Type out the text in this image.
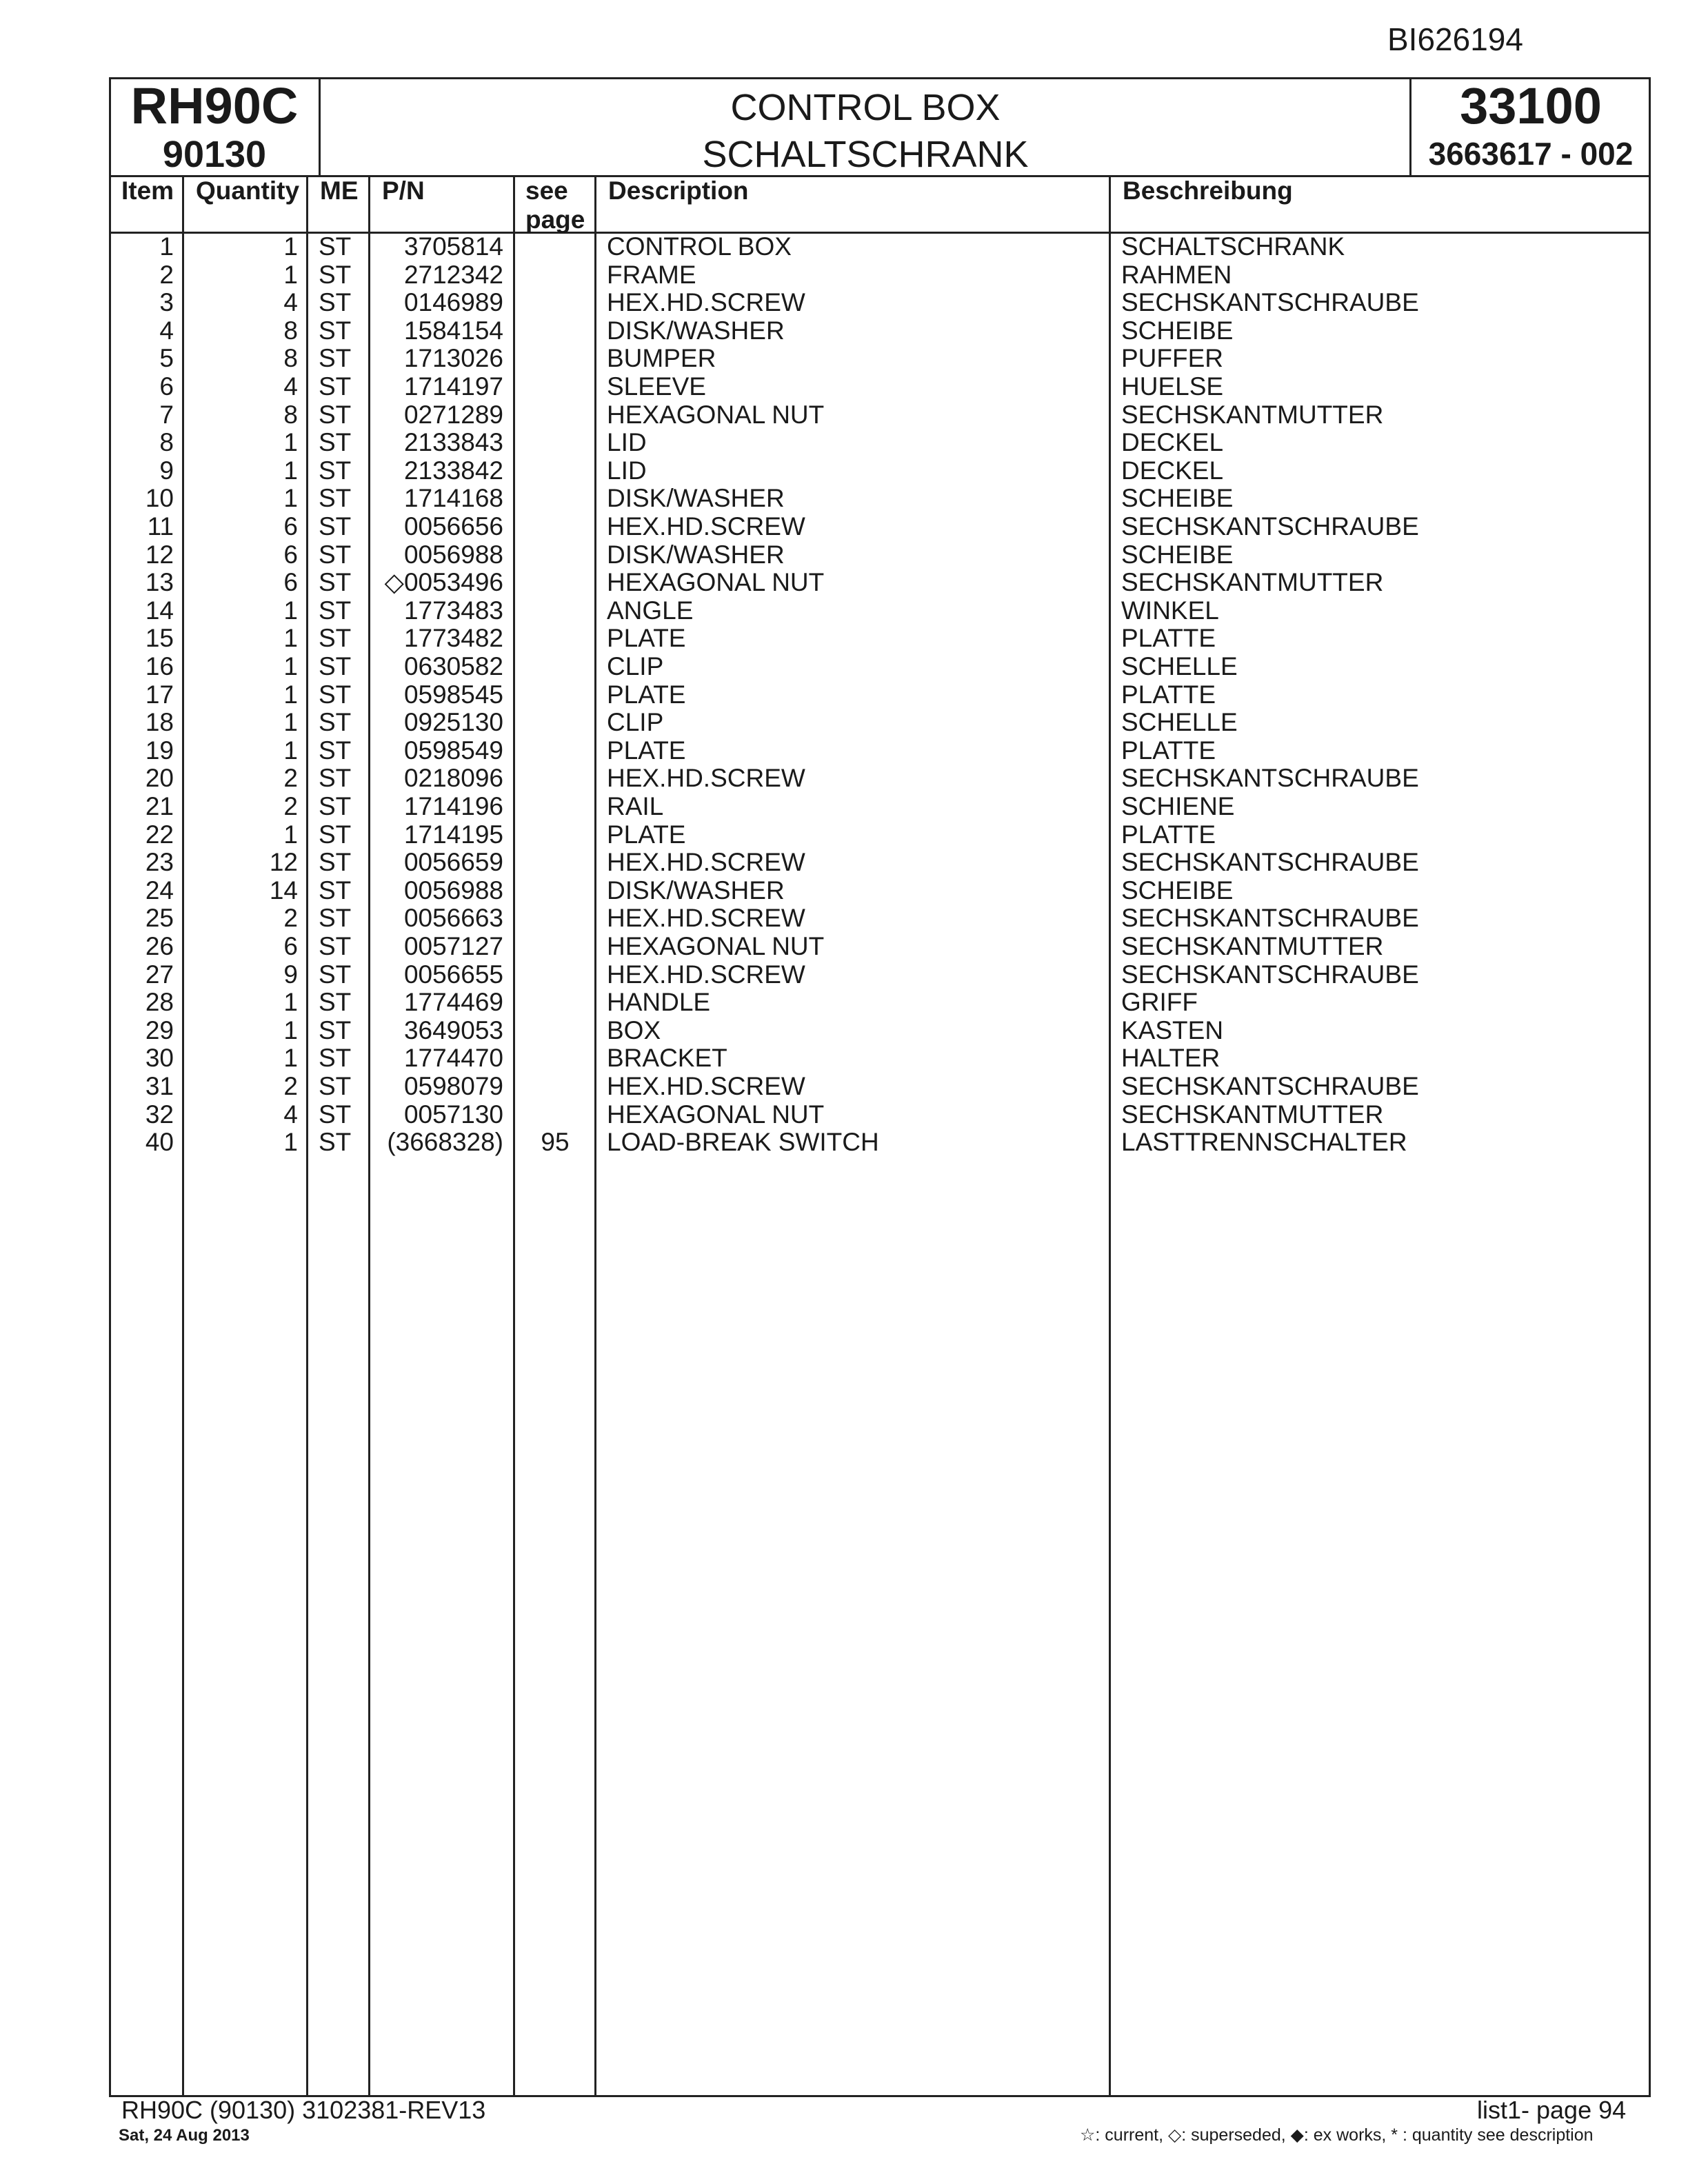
BI626194
RH90C
90130
CONTROL BOX
SCHALTSCHRANK
33100
3663617 - 002
Item Quantity ME P/N	see
page
Description	Beschreibung
1	1 ST	3705814	CONTROL BOX	SCHALTSCHRANK
2	1 ST	2712342	FRAME	RAHMEN
3	4 ST	0146989	HEX.HD.SCREW	SECHSKANTSCHRAUBE
4	8 ST	1584154	DISK/WASHER	SCHEIBE
5	8 ST	1713026	BUMPER	PUFFER
6	4 ST	1714197	SLEEVE	HUELSE
7	8 ST	0271289	HEXAGONAL NUT	SECHSKANTMUTTER
8	1 ST	2133843	LID	DECKEL
9	1 ST	2133842	LID	DECKEL
10	1 ST	1714168	DISK/WASHER	SCHEIBE
11	6 ST	0056656	HEX.HD.SCREW	SECHSKANTSCHRAUBE
12	6 ST	0056988	DISK/WASHER	SCHEIBE
13	6 ST	◇0053496	HEXAGONAL NUT	SECHSKANTMUTTER
14	1 ST	1773483	ANGLE	WINKEL
15	1 ST	1773482	PLATE	PLATTE
16	1 ST	0630582	CLIP	SCHELLE
17	1 ST	0598545	PLATE	PLATTE
18	1 ST	0925130	CLIP	SCHELLE
19	1 ST	0598549	PLATE	PLATTE
20	2 ST	0218096	HEX.HD.SCREW	SECHSKANTSCHRAUBE
21	2 ST	1714196	RAIL	SCHIENE
22	1 ST	1714195	PLATE	PLATTE
23	12 ST	0056659	HEX.HD.SCREW	SECHSKANTSCHRAUBE
24	14 ST	0056988	DISK/WASHER	SCHEIBE
25	2 ST	0056663	HEX.HD.SCREW	SECHSKANTSCHRAUBE
26	6 ST	0057127	HEXAGONAL NUT	SECHSKANTMUTTER
27	9 ST	0056655	HEX.HD.SCREW	SECHSKANTSCHRAUBE
28	1 ST	1774469	HANDLE	GRIFF
29	1 ST	3649053	BOX	KASTEN
30	1 ST	1774470	BRACKET	HALTER
31	2 ST	0598079	HEX.HD.SCREW	SECHSKANTSCHRAUBE
32	4 ST	0057130	HEXAGONAL NUT	SECHSKANTMUTTER
40	1 ST	(3668328)	95	LOAD-BREAK SWITCH	LASTTRENNSCHALTER
RH90C (90130) 3102381-REV13
Sat, 24 Aug 2013
list1- page 94
☆: current, ◇: superseded, ◆: ex works, * : quantity see description
